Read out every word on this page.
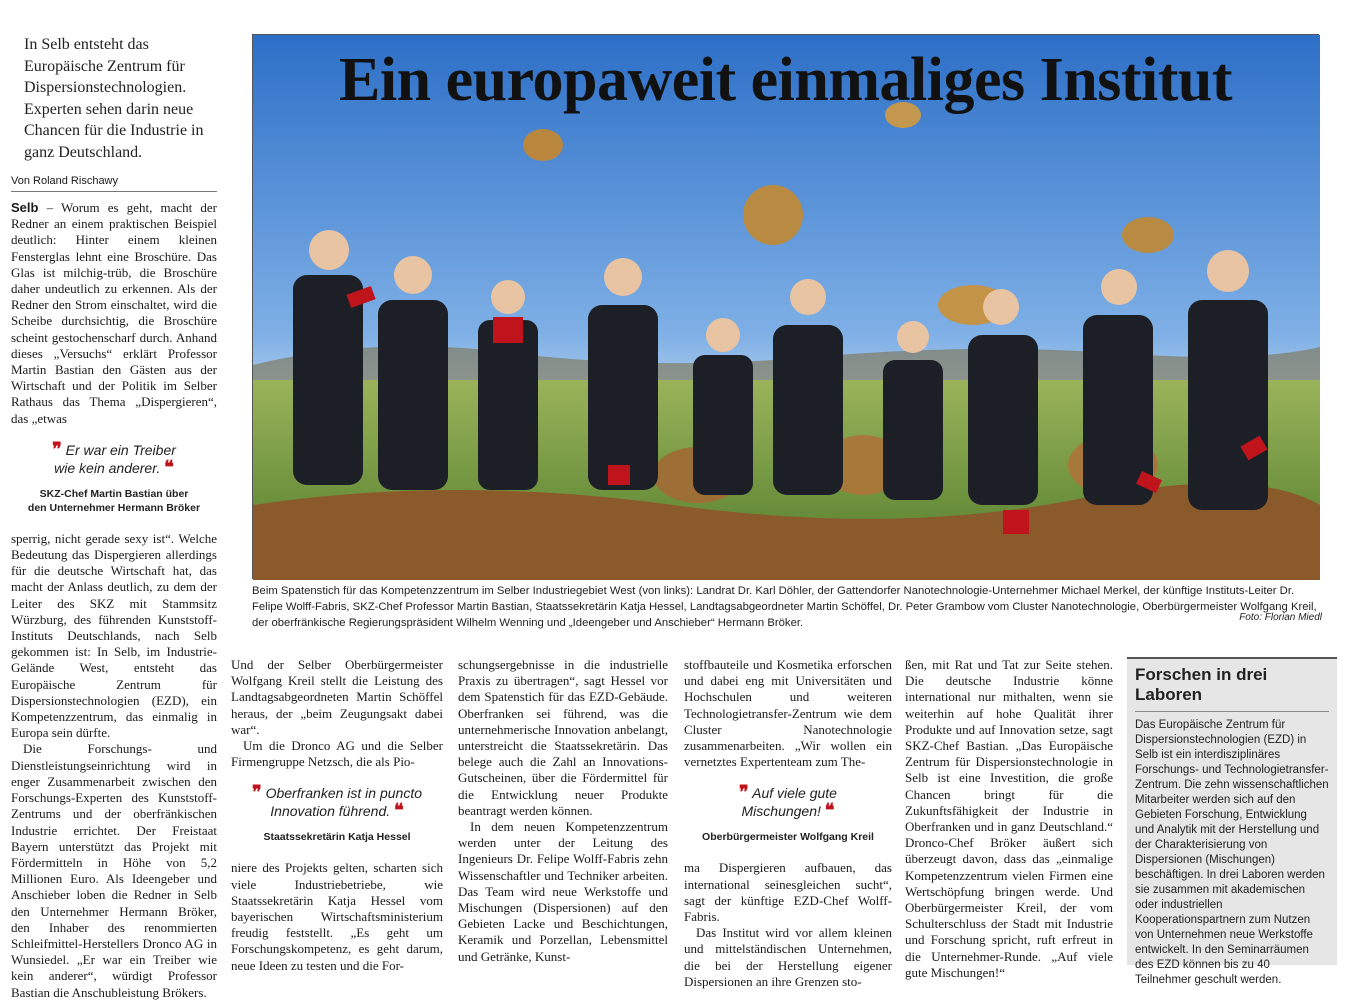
In Selb entsteht das Europäische Zentrum für Dispersionstechnologien. Experten sehen darin neue Chancen für die Industrie in ganz Deutschland.
Von Roland Rischawy

Selb – Worum es geht, macht der Redner an einem praktischen Beispiel deutlich: Hinter einem kleinen Fensterglas lehnt eine Broschüre. Das Glas ist milchig-trüb, die Broschüre daher undeutlich zu erkennen. Als der Redner den Strom einschaltet, wird die Scheibe durchsichtig, die Broschüre scheint gestochenscharf durch. Anhand dieses „Versuchs“ erklärt Professor Martin Bastian den Gästen aus der Wirtschaft und der Politik im Selber Rathaus das Thema „Dispergieren“, das „etwas

❞ Er war ein Treiber
wie kein anderer. ❝
SKZ-Chef Martin Bastian über
den Unternehmer Hermann Bröker

sperrig, nicht gerade sexy ist“. Welche Bedeutung das Dispergieren allerdings für die deutsche Wirtschaft hat, das macht der Anlass deutlich, zu dem der Leiter des SKZ mit Stammsitz Würzburg, des führenden Kunststoff-Instituts Deutschlands, nach Selb gekommen ist: In Selb, im Industrie-Gelände West, entsteht das Europäische Zentrum für Dispersionstechnologien (EZD), ein Kompetenzzentrum, das einmalig in Europa sein dürfte.

Die Forschungs- und Dienstleistungseinrichtung wird in enger Zusammenarbeit zwischen den Forschungs-Experten des Kunststoff-Zentrums und der oberfränkischen Industrie errichtet. Der Freistaat Bayern unterstützt das Projekt mit Fördermitteln in Höhe von 5,2 Millionen Euro. Als Ideengeber und Anschieber loben die Redner in Selb den Unternehmer Hermann Bröker, den Inhaber des renommierten Schleifmittel-Herstellers Dronco AG in Wunsiedel. „Er war ein Treiber wie kein anderer“, würdigt Professor Bastian die Anschubleistung Brökers.

Ein europaweit einmaliges Institut
Beim Spatenstich für das Kompetenzzentrum im Selber Industriegebiet West (von links): Landrat Dr. Karl Döhler, der Gattendorfer Nanotechnologie-Unternehmer Michael Merkel, der künftige Instituts-Leiter Dr. Felipe Wolff-Fabris, SKZ-Chef Professor Martin Bastian, Staatssekretärin Katja Hessel, Landtagsabgeordneter Martin Schöffel, Dr. Peter Grambow vom Cluster Nanotechnologie, Oberbürgermeister Wolfgang Kreil, der oberfränkische Regierungspräsident Wilhelm Wenning und „Ideengeber und Anschieber“ Hermann Bröker.	Foto: Florian Miedl

Und der Selber Oberbürgermeister Wolfgang Kreil stellt die Leistung des Landtagsabgeordneten Martin Schöffel heraus, der „beim Zeugungsakt dabei war“.

Um die Dronco AG und die Selber Firmengruppe Netzsch, die als Pio-

❞ Oberfranken ist in puncto
Innovation führend. ❝
Staatssekretärin Katja Hessel

niere des Projekts gelten, scharten sich viele Industriebetriebe, wie Staatssekretärin Katja Hessel vom bayerischen Wirtschaftsministerium freudig feststellt. „Es geht um Forschungskompetenz, es geht darum, neue Ideen zu testen und die For-

schungsergebnisse in die industrielle Praxis zu übertragen“, sagt Hessel vor dem Spatenstich für das EZD-Gebäude. Oberfranken sei führend, was die unternehmerische Innovation anbelangt, unterstreicht die Staatssekretärin. Das belege auch die Zahl an Innovations-Gutscheinen, über die Fördermittel für die Entwicklung neuer Produkte beantragt werden können.

In dem neuen Kompetenzzentrum werden unter der Leitung des Ingenieurs Dr. Felipe Wolff-Fabris zehn Wissenschaftler und Techniker arbeiten. Das Team wird neue Werkstoffe und Mischungen (Dispersionen) auf den Gebieten Lacke und Beschichtungen, Keramik und Porzellan, Lebensmittel und Getränke, Kunst-

stoffbauteile und Kosmetika erforschen und dabei eng mit Universitäten und Hochschulen und weiteren Technologietransfer-Zentrum wie dem Cluster Nanotechnologie zusammenarbeiten. „Wir wollen ein vernetztes Expertenteam zum The-

❞ Auf viele gute
Mischungen! ❝
Oberbürgermeister Wolfgang Kreil

ma Dispergieren aufbauen, das international seinesgleichen sucht“, sagt der künftige EZD-Chef Wolff-Fabris.

Das Institut wird vor allem kleinen und mittelständischen Unternehmen, die bei der Herstellung eigener Dispersionen an ihre Grenzen sto-

ßen, mit Rat und Tat zur Seite stehen. Die deutsche Industrie könne international nur mithalten, wenn sie weiterhin auf hohe Qualität ihrer Produkte und auf Innovation setze, sagt SKZ-Chef Bastian. „Das Europäische Zentrum für Dispersionstechnologie in Selb ist eine Investition, die große Chancen bringt für die Zukunftsfähigkeit der Industrie in Oberfranken und in ganz Deutschland.“ Dronco-Chef Bröker äußert sich überzeugt davon, dass das „einmalige Kompetenzzentrum vielen Firmen eine Wertschöpfung bringen werde. Und Oberbürgermeister Kreil, der vom Schulterschluss der Stadt mit Industrie und Forschung spricht, ruft erfreut in die Unternehmer-Runde. „Auf viele gute Mischungen!“

Forschen in drei Laboren
Das Europäische Zentrum für Dispersionstechnologien (EZD) in Selb ist ein interdisziplinäres Forschungs- und Technologietransfer-Zentrum. Die zehn wissenschaftlichen Mitarbeiter werden sich auf den Gebieten Forschung, Entwicklung und Analytik mit der Herstellung und der Charakterisierung von Dispersionen (Mischungen) beschäftigen. In drei Laboren werden sie zusammen mit akademischen oder industriellen Kooperationspartnern zum Nutzen von Unternehmen neue Werkstoffe entwickelt. In den Seminarräumen des EZD können bis zu 40 Teilnehmer geschult werden.
